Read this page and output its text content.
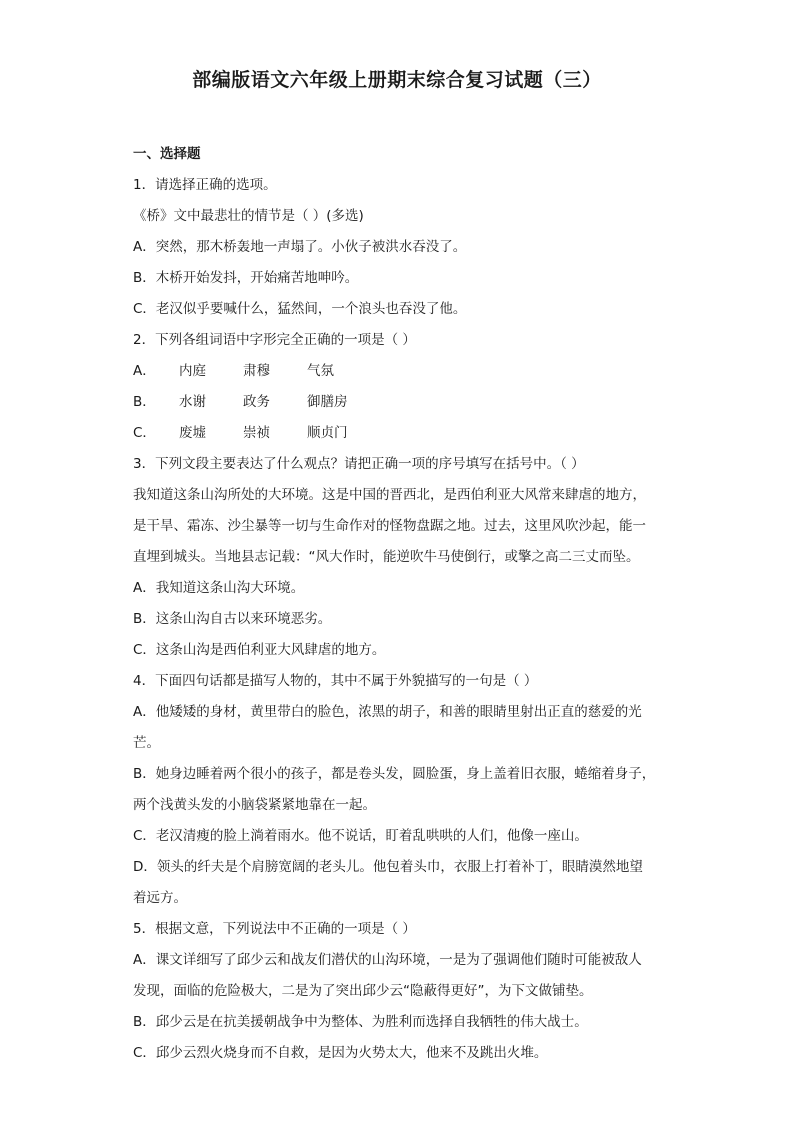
部编版语文六年级上册期末综合复习试题（三）
一、选择题
1．请选择正确的选项。
《桥》文中最悲壮的情节是（ ）(多选)
A．突然，那木桥轰地一声塌了。小伙子被洪水吞没了。
B．木桥开始发抖，开始痛苦地呻吟。
C．老汉似乎要喊什么，猛然间，一个浪头也吞没了他。
2．下列各组词语中字形完全正确的一项是（ ）
A． 内庭	肃穆	气氛
B． 水谢	政务	御膳房
C． 废墟	崇祯	顺贞门
3．下列文段主要表达了什么观点？请把正确一项的序号填写在括号中。（ ）
我知道这条山沟所处的大环境。这是中国的晋西北，是西伯利亚大风常来肆虐的地方，
是干旱、霜冻、沙尘暴等一切与生命作对的怪物盘踞之地。过去，这里风吹沙起，能一
直埋到城头。当地县志记载：“风大作时，能逆吹牛马使倒行，或擎之高二三丈而坠。
A．我知道这条山沟大环境。
B．这条山沟自古以来环境恶劣。
C．这条山沟是西伯利亚大风肆虐的地方。
4．下面四句话都是描写人物的，其中不属于外貌描写的一句是（ ）
A．他矮矮的身材，黄里带白的脸色，浓黑的胡子，和善的眼睛里射出正直的慈爱的光
芒。
B．她身边睡着两个很小的孩子，都是卷头发，圆脸蛋，身上盖着旧衣服，蜷缩着身子，
两个浅黄头发的小脑袋紧紧地靠在一起。
C．老汉清瘦的脸上淌着雨水。他不说话，盯着乱哄哄的人们，他像一座山。
D．领头的纤夫是个肩膀宽阔的老头儿。他包着头巾，衣服上打着补丁，眼睛漠然地望
着远方。
5．根据文意，下列说法中不正确的一项是（ ）
A．课文详细写了邱少云和战友们潜伏的山沟环境，一是为了强调他们随时可能被敌人
发现，面临的危险极大，二是为了突出邱少云“隐蔽得更好”，为下文做铺垫。
B．邱少云是在抗美援朝战争中为整体、为胜利而选择自我牺牲的伟大战士。
C．邱少云烈火烧身而不自救，是因为火势太大，他来不及跳出火堆。
